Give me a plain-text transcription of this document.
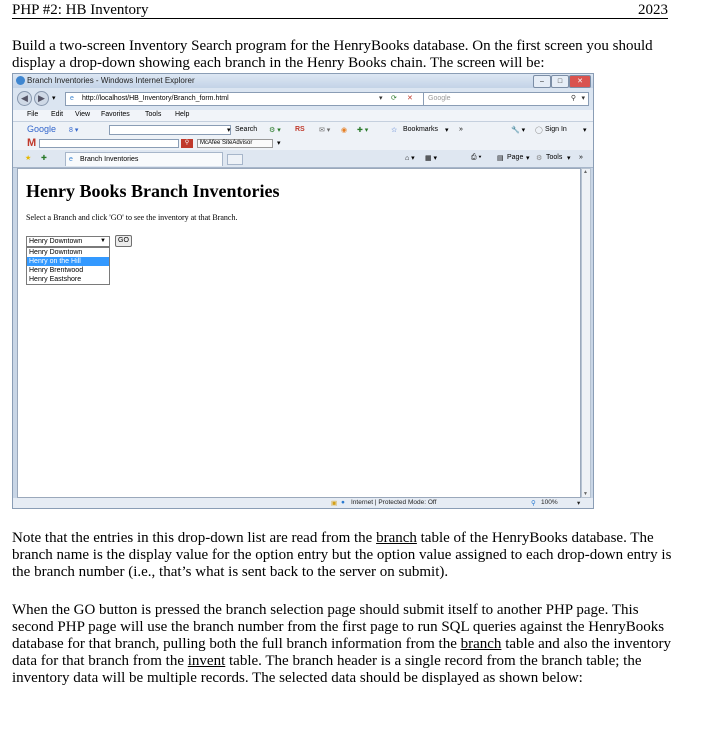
PHP #2: HB Inventory	2023
Build a two-screen Inventory Search program for the HenryBooks database. On the first screen you should display a drop-down showing each branch in the Henry Books chain. The screen will be:
Branch Inventories - Windows Internet Explorer	–	□	✕
◀	▶	▾ e http://localhost/HB_Inventory/Branch_form.html	▾ ⟳ ✕	Google	⚲ ▾
File Edit View Favorites Tools Help
Google 8 ▾	▾ Search ⚙ ▾ RS ✉ ▾ ◉ ✚ ▾	☆ Bookmarks ▾ »	🔧 ▾ ◯ Sign In ▾
M	⚲	McAfee SiteAdvisor	▾
★ ✚	e Branch Inventories	⌂ ▾ ▦ ▾	⎙ ▾ ▤ Page ▾ ⚙ Tools ▾ »
Henry Books Branch Inventories
Select a Branch and click 'GO' to see the inventory at that Branch.
Henry Downtown	▼	GO
Henry Downtown
Henry on the Hill
Henry Brentwood
Henry Eastshore
▲
▼
▣ ● Internet | Protected Mode: Off	⚲ 100%	▾
Note that the entries in this drop-down list are read from the branch table of the HenryBooks database. The branch name is the display value for the option entry but the option value assigned to each drop-down entry is the branch number (i.e., that’s what is sent back to the server on submit).
When the GO button is pressed the branch selection page should submit itself to another PHP page. This second PHP page will use the branch number from the first page to run SQL queries against the HenryBooks database for that branch, pulling both the full branch information from the branch table and also the inventory data for that branch from the invent table. The branch header is a single record from the branch table; the inventory data will be multiple records. The selected data should be displayed as shown below:
